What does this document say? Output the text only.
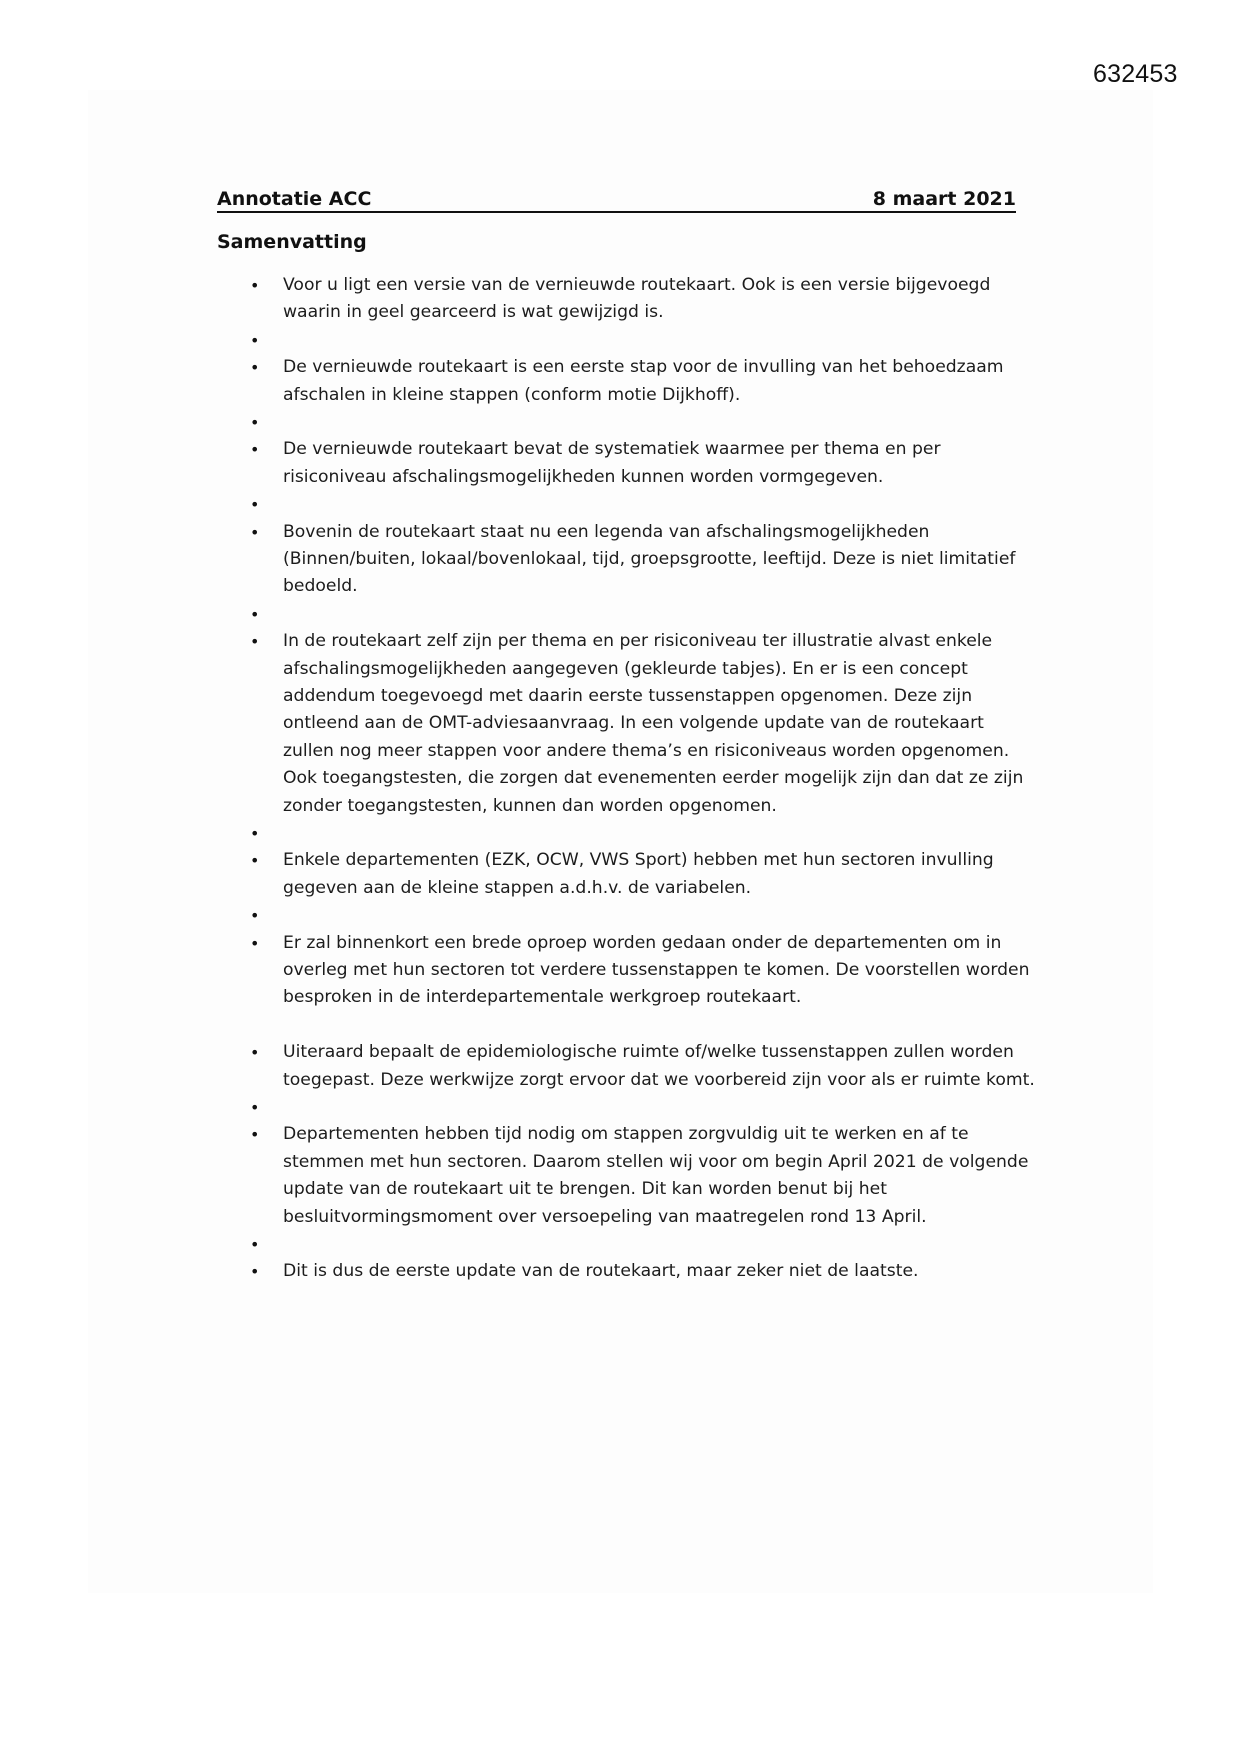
632453
Annotatie ACC	8 maart 2021
Samenvatting
• Voor u ligt een versie van de vernieuwde routekaart. Ook is een versie bijgevoegd waarin in geel gearceerd is wat gewijzigd is.
•
• De vernieuwde routekaart is een eerste stap voor de invulling van het behoedzaam afschalen in kleine stappen (conform motie Dijkhoff).
•
• De vernieuwde routekaart bevat de systematiek waarmee per thema en per risiconiveau afschalingsmogelijkheden kunnen worden vormgegeven.
•
• Bovenin de routekaart staat nu een legenda van afschalingsmogelijkheden (Binnen/buiten, lokaal/bovenlokaal, tijd, groepsgrootte, leeftijd. Deze is niet limitatief bedoeld.
•
• In de routekaart zelf zijn per thema en per risiconiveau ter illustratie alvast enkele afschalingsmogelijkheden aangegeven (gekleurde tabjes). En er is een concept addendum toegevoegd met daarin eerste tussenstappen opgenomen. Deze zijn ontleend aan de OMT-adviesaanvraag. In een volgende update van de routekaart zullen nog meer stappen voor andere thema’s en risiconiveaus worden opgenomen. Ook toegangstesten, die zorgen dat evenementen eerder mogelijk zijn dan dat ze zijn zonder toegangstesten, kunnen dan worden opgenomen.
•
• Enkele departementen (EZK, OCW, VWS Sport) hebben met hun sectoren invulling gegeven aan de kleine stappen a.d.h.v. de variabelen.
•
• Er zal binnenkort een brede oproep worden gedaan onder de departementen om in overleg met hun sectoren tot verdere tussenstappen te komen. De voorstellen worden besproken in de interdepartementale werkgroep routekaart.
• Uiteraard bepaalt de epidemiologische ruimte of/welke tussenstappen zullen worden toegepast. Deze werkwijze zorgt ervoor dat we voorbereid zijn voor als er ruimte komt.
•
• Departementen hebben tijd nodig om stappen zorgvuldig uit te werken en af te stemmen met hun sectoren. Daarom stellen wij voor om begin April 2021 de volgende update van de routekaart uit te brengen. Dit kan worden benut bij het besluitvormingsmoment over versoepeling van maatregelen rond 13 April.
•
• Dit is dus de eerste update van de routekaart, maar zeker niet de laatste.
